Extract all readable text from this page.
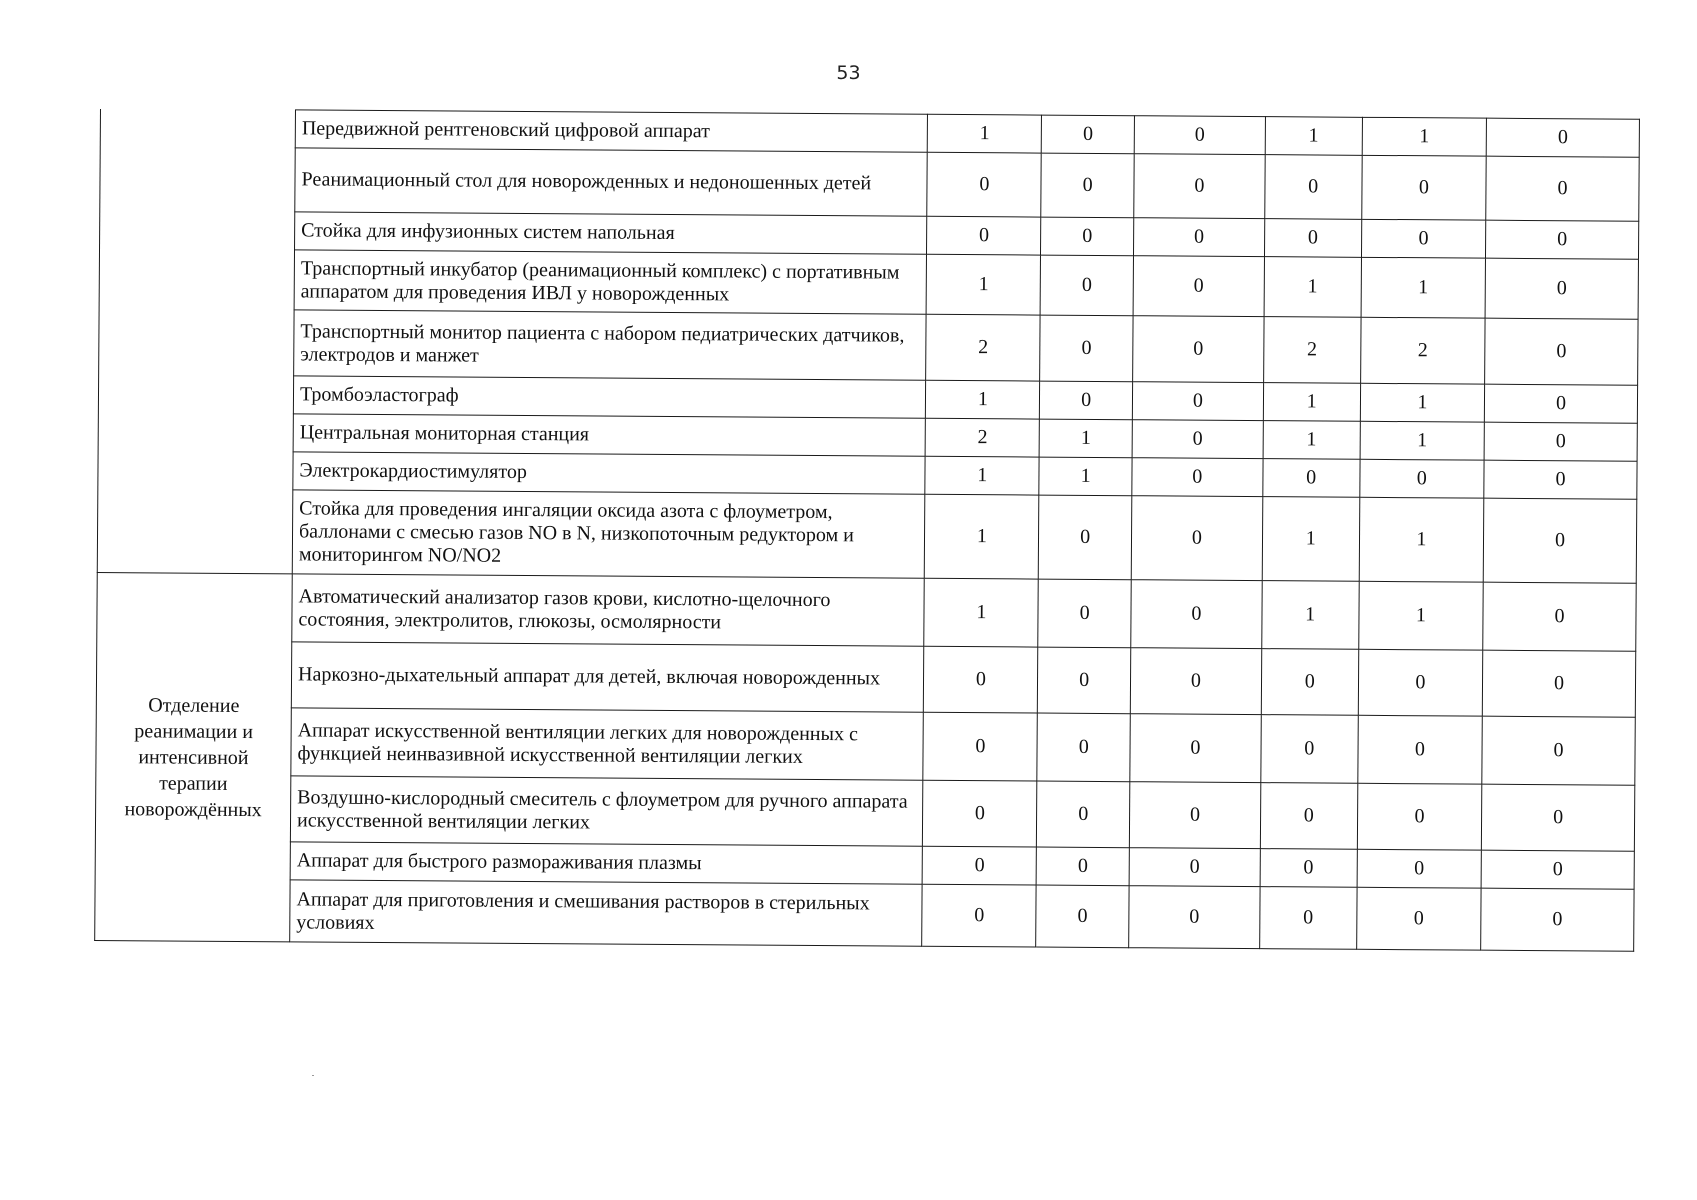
53
	Передвижной рентгеновский цифровой аппарат	1	0	0	1	1	0
	Реанимационный стол для новорожденных и недоношенных детей	0	0	0	0	0	0
	Стойка для инфузионных систем напольная	0	0	0	0	0	0
	Транспортный инкубатор (реанимационный комплекс) с портативным аппаратом для проведения ИВЛ у новорожденных	1	0	0	1	1	0
	Транспортный монитор пациента с набором педиатрических датчиков, электродов и манжет	2	0	0	2	2	0
	Тромбоэластограф	1	0	0	1	1	0
	Центральная мониторная станция	2	1	0	1	1	0
	Электрокардиостимулятор	1	1	0	0	0	0
	Стойка для проведения ингаляции оксида азота с флоуметром, баллонами с смесью газов NO в N, низкопоточным редуктором и мониторингом NO/NO2	1	0	0	1	1	0
Отделение реанимации и интенсивной терапии новорождённых	Автоматический анализатор газов крови, кислотно-щелочного состояния, электролитов, глюкозы, осмолярности	1	0	0	1	1	0
	Наркозно-дыхательный аппарат для детей, включая новорожденных	0	0	0	0	0	0
	Аппарат искусственной вентиляции легких для новорожденных с функцией неинвазивной искусственной вентиляции легких	0	0	0	0	0	0
	Воздушно-кислородный смеситель с флоуметром для ручного аппарата искусственной вентиляции легких	0	0	0	0	0	0
	Аппарат для быстрого размораживания плазмы	0	0	0	0	0	0
	Аппарат для приготовления и смешивания растворов в стерильных условиях	0	0	0	0	0	0
